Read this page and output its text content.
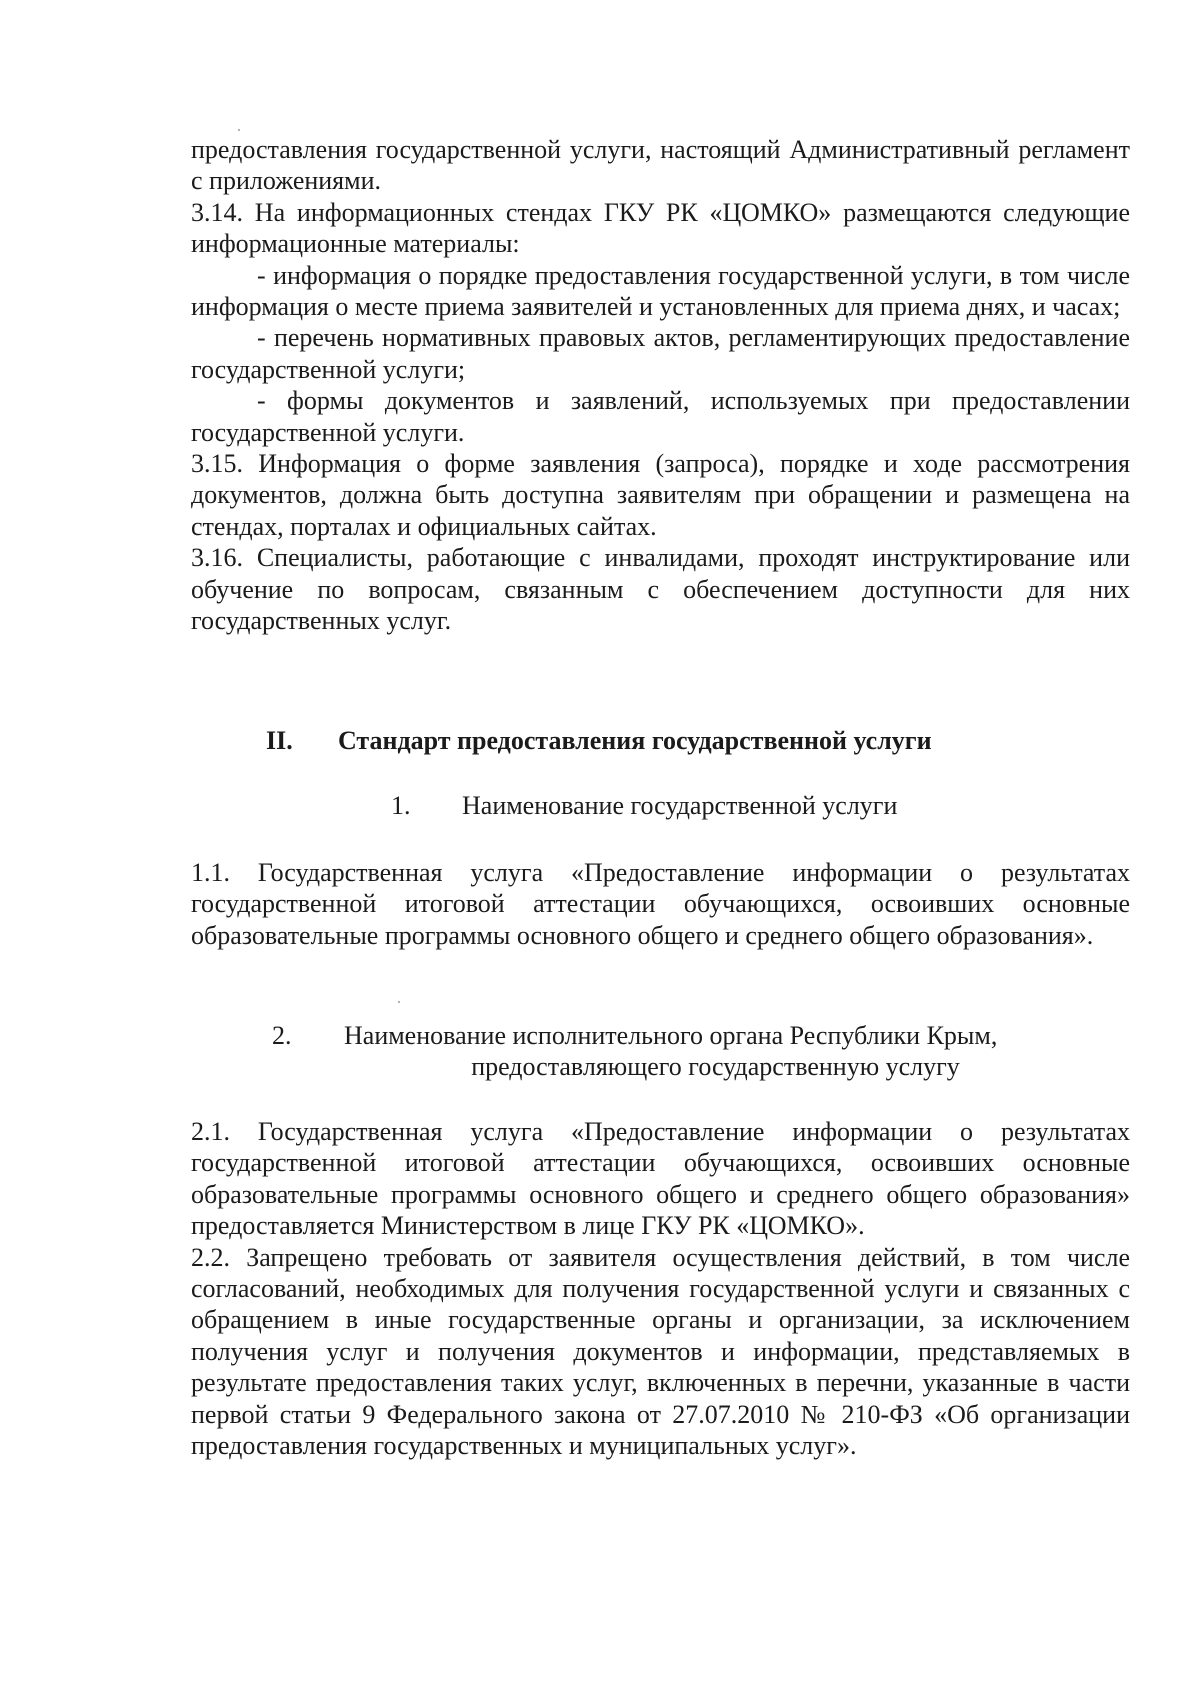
предоставления государственной услуги, настоящий Административный регламент с приложениями.

3.14. На информационных стендах ГКУ РК «ЦОМКО» размещаются следующие информационные материалы:

- информация о порядке предоставления государственной услуги, в том числе информация о месте приема заявителей и установленных для приема днях, и часах;

- перечень нормативных правовых актов, регламентирующих предоставление государственной услуги;

- формы документов и заявлений, используемых при предоставлении государственной услуги.

3.15. Информация о форме заявления (запроса), порядке и ходе рассмотрения документов, должна быть доступна заявителям при обращении и размещена на стендах, порталах и официальных сайтах.

3.16. Специалисты, работающие с инвалидами, проходят инструктирование или обучение по вопросам, связанным с обеспечением доступности для них государственных услуг.

II. Стандарт предоставления государственной услуги
1. Наименование государственной услуги

1.1. Государственная услуга «Предоставление информации о результатах государственной итоговой аттестации обучающихся, освоивших основные образовательные программы основного общего и среднего общего образования».

2. Наименование исполнительного органа Республики Крым,
предоставляющего государственную услугу

2.1. Государственная услуга «Предоставление информации о результатах государственной итоговой аттестации обучающихся, освоивших основные образовательные программы основного общего и среднего общего образования» предоставляется Министерством в лице ГКУ РК «ЦОМКО».

2.2. Запрещено требовать от заявителя осуществления действий, в том числе согласований, необходимых для получения государственной услуги и связанных с обращением в иные государственные органы и организации, за исключением получения услуг и получения документов и информации, представляемых в результате предоставления таких услуг, включенных в перечни, указанные в части первой статьи 9 Федерального закона от 27.07.2010 № 210-ФЗ «Об организации предоставления государственных и муниципальных услуг».
